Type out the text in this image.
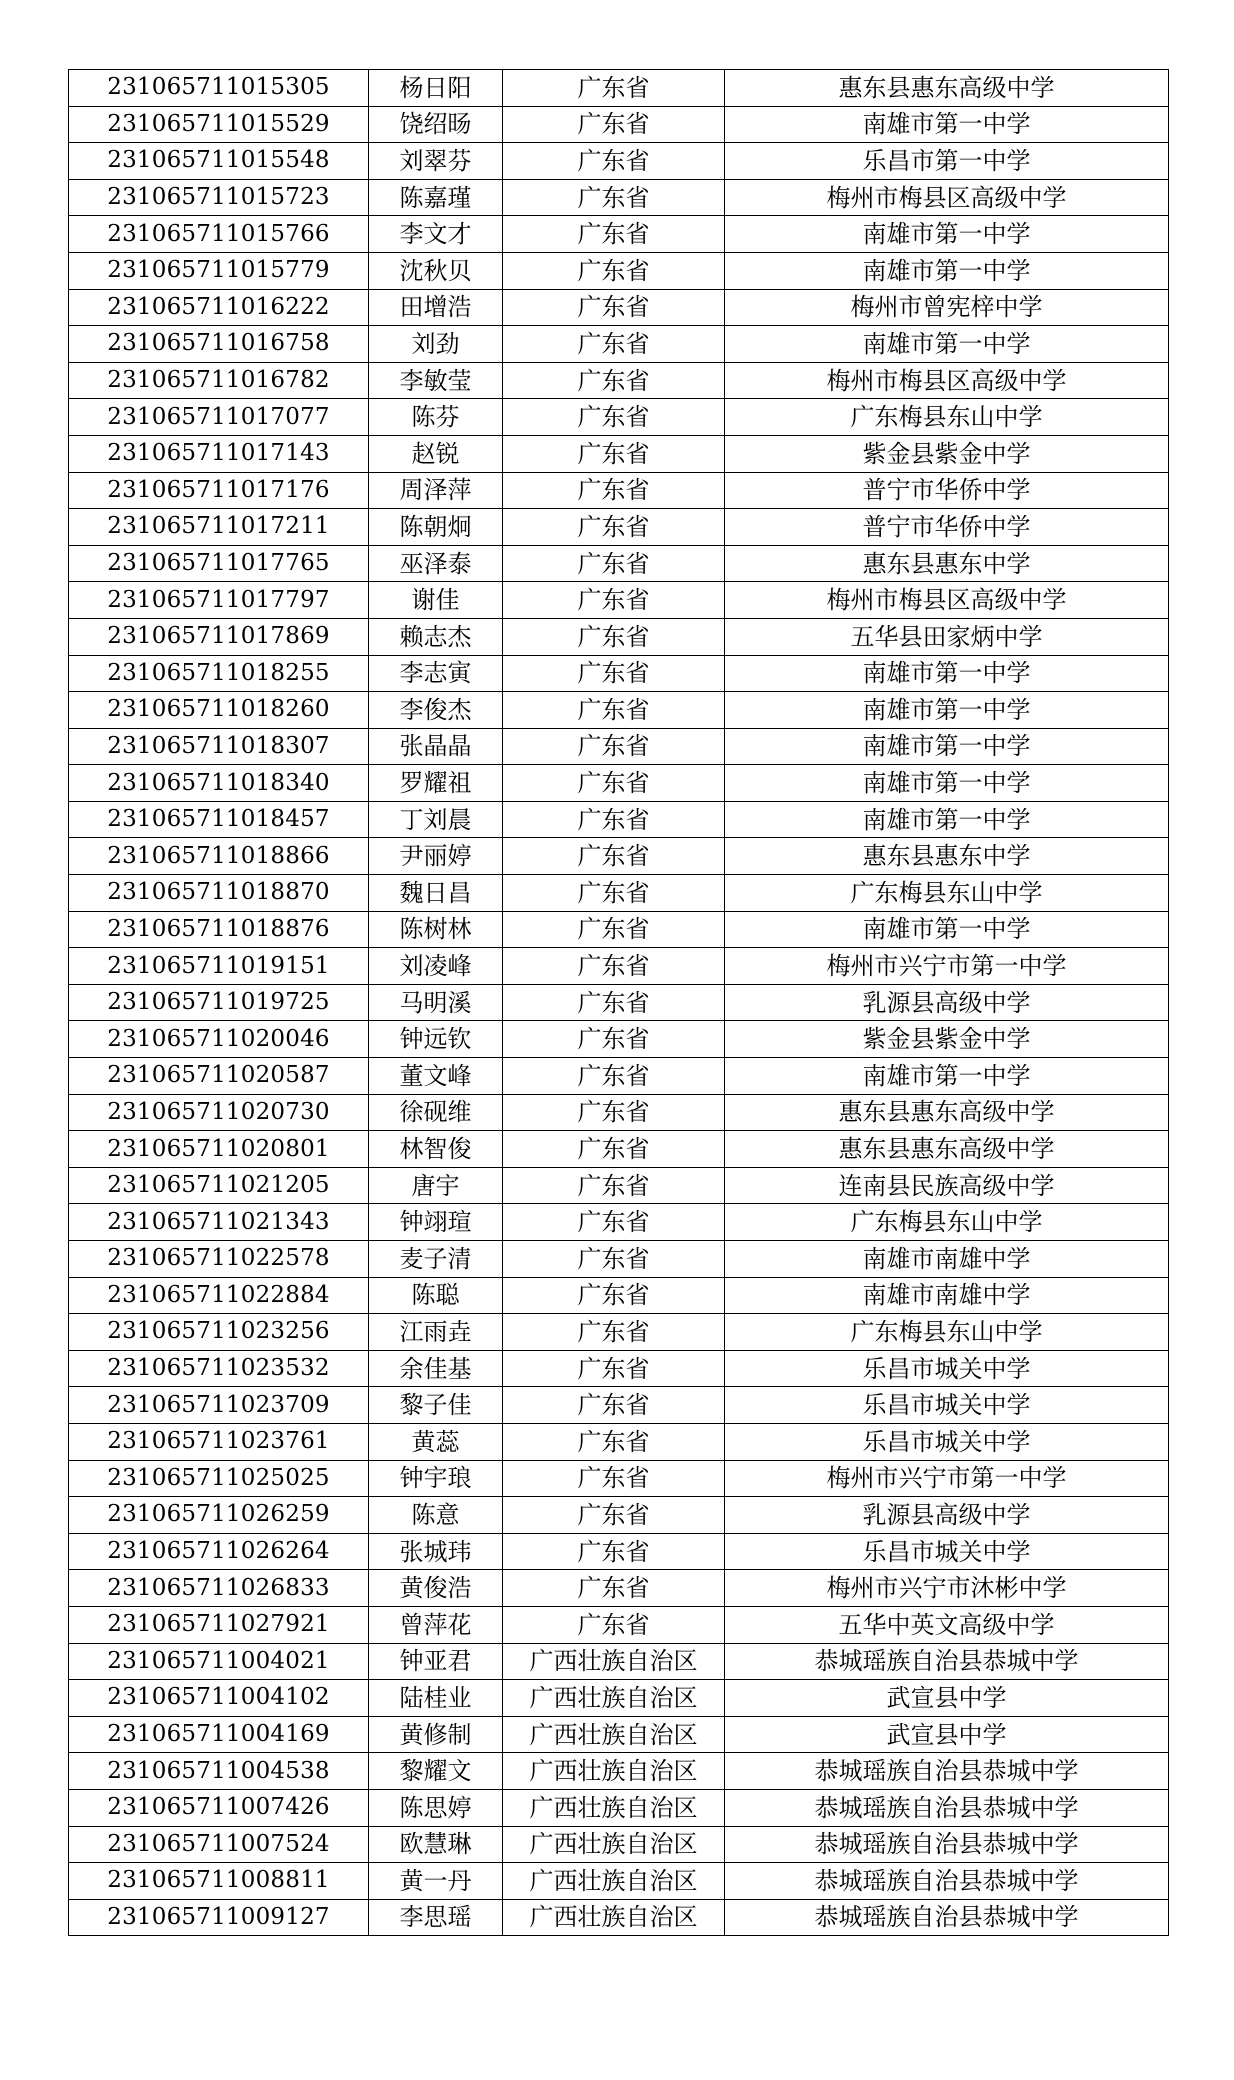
231065711015305	杨日阳	广东省	惠东县惠东高级中学
231065711015529	饶绍旸	广东省	南雄市第一中学
231065711015548	刘翠芬	广东省	乐昌市第一中学
231065711015723	陈嘉瑾	广东省	梅州市梅县区高级中学
231065711015766	李文才	广东省	南雄市第一中学
231065711015779	沈秋贝	广东省	南雄市第一中学
231065711016222	田增浩	广东省	梅州市曾宪梓中学
231065711016758	刘劲	广东省	南雄市第一中学
231065711016782	李敏莹	广东省	梅州市梅县区高级中学
231065711017077	陈芬	广东省	广东梅县东山中学
231065711017143	赵锐	广东省	紫金县紫金中学
231065711017176	周泽萍	广东省	普宁市华侨中学
231065711017211	陈朝炯	广东省	普宁市华侨中学
231065711017765	巫泽泰	广东省	惠东县惠东中学
231065711017797	谢佳	广东省	梅州市梅县区高级中学
231065711017869	赖志杰	广东省	五华县田家炳中学
231065711018255	李志寅	广东省	南雄市第一中学
231065711018260	李俊杰	广东省	南雄市第一中学
231065711018307	张晶晶	广东省	南雄市第一中学
231065711018340	罗耀祖	广东省	南雄市第一中学
231065711018457	丁刘晨	广东省	南雄市第一中学
231065711018866	尹丽婷	广东省	惠东县惠东中学
231065711018870	魏日昌	广东省	广东梅县东山中学
231065711018876	陈树林	广东省	南雄市第一中学
231065711019151	刘凌峰	广东省	梅州市兴宁市第一中学
231065711019725	马明溪	广东省	乳源县高级中学
231065711020046	钟远钦	广东省	紫金县紫金中学
231065711020587	董文峰	广东省	南雄市第一中学
231065711020730	徐砚维	广东省	惠东县惠东高级中学
231065711020801	林智俊	广东省	惠东县惠东高级中学
231065711021205	唐宇	广东省	连南县民族高级中学
231065711021343	钟翊瑄	广东省	广东梅县东山中学
231065711022578	麦子清	广东省	南雄市南雄中学
231065711022884	陈聪	广东省	南雄市南雄中学
231065711023256	江雨垚	广东省	广东梅县东山中学
231065711023532	余佳基	广东省	乐昌市城关中学
231065711023709	黎子佳	广东省	乐昌市城关中学
231065711023761	黄蕊	广东省	乐昌市城关中学
231065711025025	钟宇琅	广东省	梅州市兴宁市第一中学
231065711026259	陈意	广东省	乳源县高级中学
231065711026264	张城玮	广东省	乐昌市城关中学
231065711026833	黄俊浩	广东省	梅州市兴宁市沐彬中学
231065711027921	曾萍花	广东省	五华中英文高级中学
231065711004021	钟亚君	广西壮族自治区	恭城瑶族自治县恭城中学
231065711004102	陆桂业	广西壮族自治区	武宣县中学
231065711004169	黄修制	广西壮族自治区	武宣县中学
231065711004538	黎耀文	广西壮族自治区	恭城瑶族自治县恭城中学
231065711007426	陈思婷	广西壮族自治区	恭城瑶族自治县恭城中学
231065711007524	欧慧琳	广西壮族自治区	恭城瑶族自治县恭城中学
231065711008811	黄一丹	广西壮族自治区	恭城瑶族自治县恭城中学
231065711009127	李思瑶	广西壮族自治区	恭城瑶族自治县恭城中学
